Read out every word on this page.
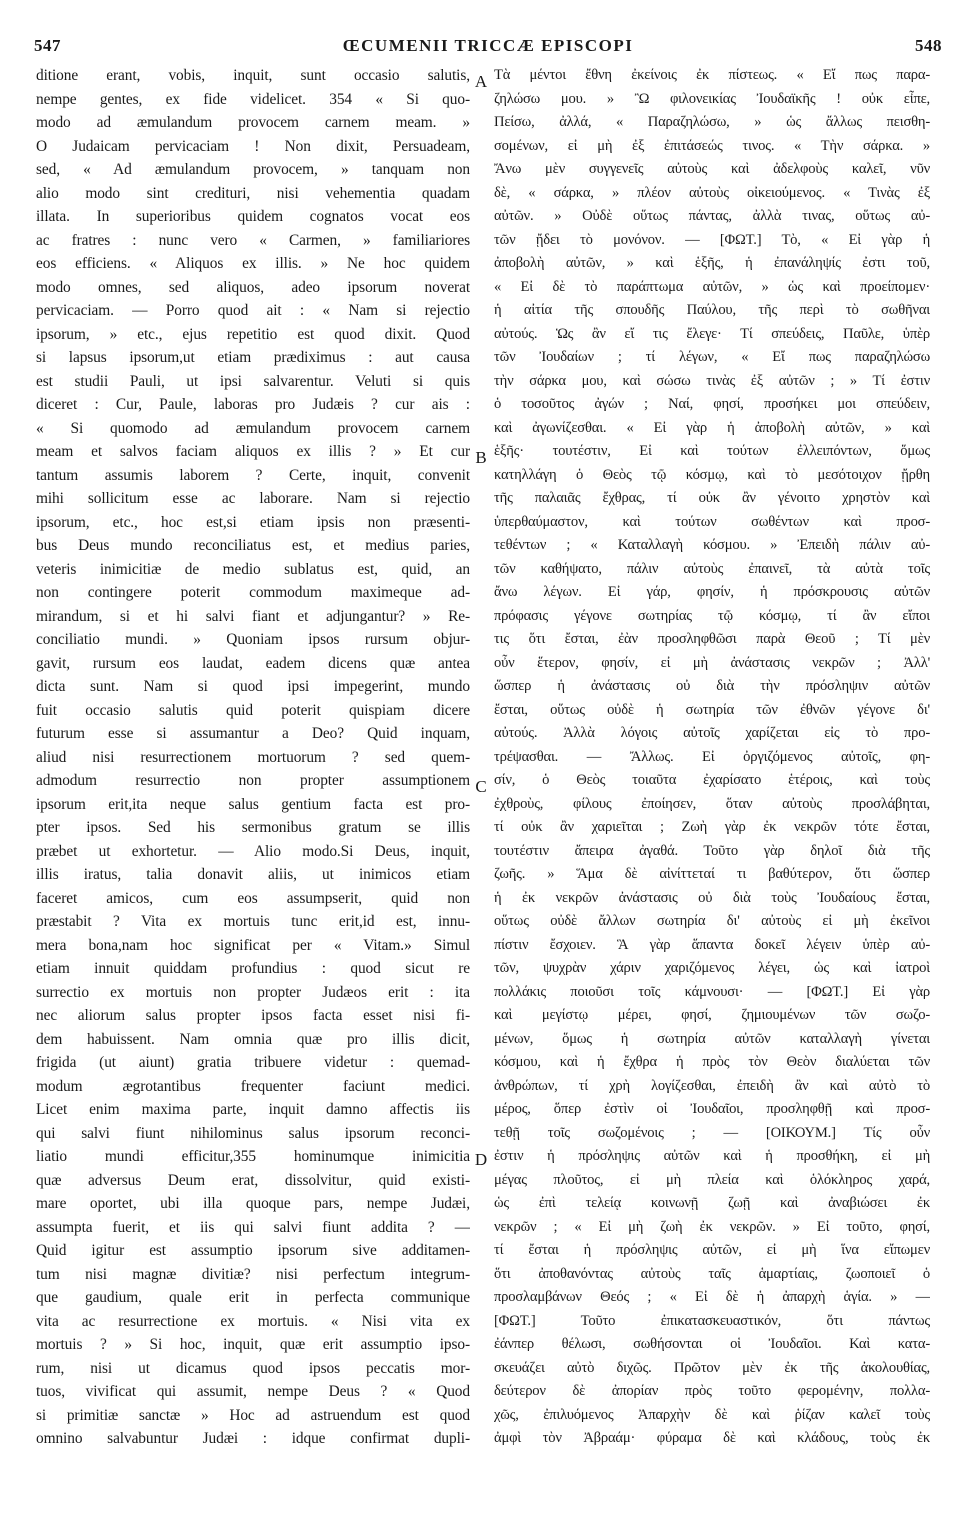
547	ŒCUMENII TRICCÆ EPISCOPI	548
ditione erant, vobis, inquit, sunt occasio salutis,
nempe gentes, ex fide videlicet. 354 « Si quo-
modo ad æmulandum provocem carnem meam. »
O Judaicam pervicaciam ! Non dixit, Persuadeam,
sed, « Ad æmulandum provocem, » tanquam non
alio modo sint crediturі, nisi vehementia quadam
illata. In superioribus quidem cognatos vocat eos
ac fratres : nunc vero « Carmen, » familiariores
eos efficiens. « Aliquos ex illis. » Ne hoc quidem
modo omnes, sed aliquos, adeo ipsorum noverat
pervicaciam. — Porro quod ait : « Nam si rejectio
ipsorum, » etc., ejus repetitio est quod dixit. Quod
si lapsus ipsorum,ut etiam prædiximus : aut causa
est studii Pauli, ut ipsi salvarentur. Veluti si quis
diceret : Cur, Paule, laboras pro Judæis ? cur ais :
« Si quomodo ad æmulandum provocem carnem
meam et salvos faciam aliquos ex illis ? » Et cur
tantum assumis laborem ? Certe, inquit, convenit
mihi sollicitum esse ac laborare. Nam si rejectio
ipsorum, etc., hoc est,si etiam ipsis non præsenti-
bus Deus mundo reconciliatus est, et medius paries,
veteris inimicitiæ de medio sublatus est, quid, an
non contingere poterit commodum maximeque ad-
mirandum, si et hi salvi fiant et adjungantur? » Re-
conciliatio mundi. » Quoniam ipsos rursum objur-
gavit, rursum eos laudat, eadem dicens quæ antea
dicta sunt. Nam si quod ipsi impegerint, mundo
fuit occasio salutis quid poterit quispiam dicere
futurum esse si assumantur a Deo? Quid inquam,
aliud nisi resurrectionem mortuorum ? sed quem-
admodum resurrectio non propter assumptionem
ipsorum erit,ita neque salus gentium facta est pro-
pter ipsos. Sed his sermonibus gratum se illis
præbet ut exhortetur. — Alio modo.Si Deus, inquit,
illis iratus, talia donavit aliis, ut inimicos etiam
faceret amicos, cum eos assumpserit, quid non
præstabit ? Vita ex mortuis tunc erit,id est, innu-
mera bona,nam hoc significat per « Vitam.» Simul
etiam innuit quiddam profundius : quod sicut re
surrectio ex mortuis non propter Judæos erit : ita
nec aliorum salus propter ipsos facta esset nisi fi-
dem habuissent. Nam omnia quæ pro illis dicit,
frigida (ut aiunt) gratia tribuere videtur : quemad-
modum ægrotantibus frequenter faciunt medici.
Licet enim maxima parte, inquit damno affectis iis
qui salvi fiunt nihilominus salus ipsorum reconci-
liatio mundi efficitur,355 hominumque inimicitia
quæ adversus Deum erat, dissolvitur, quid existi-
mare oportet, ubi illa quoque pars, nempe Judæi,
assumpta fuerit, et iis qui salvi fiunt addita ? —
Quid igitur est assumptio ipsorum sive additamen-
tum nisi magnæ divitiæ? nisi perfectum integrum-
que gaudium, quale erit in perfecta communique
vita ac resurrectione ex mortuis. « Nisi vita ex
mortuis ? » Si hoc, inquit, quæ erit assumptio ipso-
rum, nisi ut dicamus quod ipsos peccatis mor-
tuos, vivificat qui assumit, nempe Deus ? « Quod
si primitiæ sanctæ » Hoc ad astruendum est quod
omnino salvabuntur Judæi : idque confirmat dupli-
Τὰ μέντοι ἔθνη ἐκείνοις ἐκ πίστεως. « Εἴ πως παρα-
ζηλώσω μου. » Ὢ φιλονεικίας Ἰουδαϊκῆς ! οὐκ εἶπε,
Πείσω, ἀλλά, « Παραζηλώσω, » ὡς ἄλλως πεισθη-
σομένων, εἰ μὴ ἐξ ἐπιτάσεώς τινος. « Τὴν σάρκα. »
Ἄνω μὲν συγγενεῖς αὐτοὺς καὶ ἀδελφοὺς καλεῖ, νῦν
δὲ, « σάρκα, » πλέον αὐτοὺς οἰκειούμενος. « Τινὰς ἐξ
αὐτῶν. » Οὐδὲ οὕτως πάντας, ἀλλὰ τινας, οὕτως αὐ-
τῶν ᾔδει τὸ μονόνον. — [ΦΩΤ.] Τὸ, « Εἰ γὰρ ἡ
ἀποβολὴ αὐτῶν, » καὶ ἑξῆς, ἡ ἐπανάληψίς ἐστι τοῦ,
« Εἰ δὲ τὸ παράπτωμα αὐτῶν, » ὡς καὶ προείπομεν·
ἡ αἰτία τῆς σπουδῆς Παύλου, τῆς περὶ τὸ σωθῆναι
αὐτούς. Ὡς ἂν εἴ τις ἔλεγε· Τί σπεύδεις, Παῦλε, ὑπὲρ
τῶν Ἰουδαίων ; τί λέγων, « Εἴ πως παραζηλώσω
τὴν σάρκα μου, καὶ σώσω τινὰς ἐξ αὐτῶν ; » Τί ἐστιν
ὁ τοσοῦτος ἀγών ; Ναί, φησί, προσήκει μοι σπεύδειν,
καὶ ἀγωνίζεσθαι. « Εἰ γὰρ ἡ ἀποβολὴ αὐτῶν, » καὶ
ἑξῆς· τουτέστιν, Εἰ καὶ τούτων ἐλλειπόντων, ὅμως
κατηλλάγη ὁ Θεὸς τῷ κόσμῳ, καὶ τὸ μεσότοιχον ᾔρθη
τῆς παλαιᾶς ἔχθρας, τί οὐκ ἂν γένοιτο χρηστὸν καὶ
ὑπερθαύμαστον, καὶ τούτων σωθέντων καὶ προσ-
τεθέντων ; « Καταλλαγὴ κόσμου. » Ἐπειδὴ πάλιν αὐ-
τῶν καθήψατο, πάλιν αὐτοὺς ἐπαινεῖ, τὰ αὐτὰ τοῖς
ἄνω λέγων. Εἰ γάρ, φησίν, ἡ πρόσκρουσις αὐτῶν
πρόφασις γέγονε σωτηρίας τῷ κόσμῳ, τί ἂν εἴποι
τις ὅτι ἔσται, ἐὰν προσληφθῶσι παρὰ Θεοῦ ; Τί μὲν
οὖν ἕτερον, φησίν, εἰ μὴ ἀνάστασις νεκρῶν ; Ἀλλ'
ὥσπερ ἡ ἀνάστασις οὐ διὰ τὴν πρόσληψιν αὐτῶν
ἔσται, οὕτως οὐδὲ ἡ σωτηρία τῶν ἐθνῶν γέγονε δι'
αὐτούς. Ἀλλὰ λόγοις αὐτοῖς χαρίζεται εἰς τὸ προ-
τρέψασθαι. — Ἄλλως. Εἰ ὀργιζόμενος αὐτοῖς, φη-
σίν, ὁ Θεὸς τοιαῦτα ἐχαρίσατο ἑτέροις, καὶ τοὺς
ἐχθροὺς, φίλους ἐποίησεν, ὅταν αὐτοὺς προσλάβηται,
τί οὐκ ἂν χαριεῖται ; Ζωὴ γὰρ ἐκ νεκρῶν τότε ἔσται,
τουτέστιν ἄπειρα ἀγαθά. Τοῦτο γὰρ δηλοῖ διὰ τῆς
ζωῆς. » Ἅμα δὲ αἰνίττεταί τι βαθύτερον, ὅτι ὥσπερ
ἡ ἐκ νεκρῶν ἀνάστασις οὐ διὰ τοὺς Ἰουδαίους ἔσται,
οὕτως οὐδὲ ἄλλων σωτηρία δι' αὐτοὺς εἰ μὴ ἐκεῖνοι
πίστιν ἔσχοιεν. Ἃ γὰρ ἅπαντα δοκεῖ λέγειν ὑπὲρ αὐ-
τῶν, ψυχρὰν χάριν χαριζόμενος λέγει, ὡς καὶ ἰατροὶ
πολλάκις ποιοῦσι τοῖς κάμνουσι· — [ΦΩΤ.] Εἰ γὰρ
καὶ μεγίστῳ μέρει, φησί, ζημιουμένων τῶν σωζο-
μένων, ὅμως ἡ σωτηρία αὐτῶν καταλλαγὴ γίνεται
κόσμου, καὶ ἡ ἔχθρα ἡ πρὸς τὸν Θεὸν διαλύεται τῶν
ἀνθρώπων, τί χρὴ λογίζεσθαι, ἐπειδὴ ἂν καὶ αὐτὸ τὸ
μέρος, ὅπερ ἐστὶν οἱ Ἰουδαῖοι, προσληφθῇ καὶ προσ-
τεθῇ τοῖς σωζομένοις ; — [ΟΙΚΟΥΜ.] Τίς οὖν
ἐστιν ἡ πρόσληψις αὐτῶν καὶ ἡ προσθήκη, εἰ μὴ
μέγας πλοῦτος, εἰ μὴ πλεία καὶ ὁλόκληρος χαρά,
ὡς ἐπὶ τελείᾳ κοινωνῇ ζωῇ καὶ ἀναβιώσει ἐκ
νεκρῶν ; « Εἰ μὴ ζωὴ ἐκ νεκρῶν. » Εἰ τοῦτο, φησί,
τί ἔσται ἡ πρόσληψις αὐτῶν, εἰ μὴ ἵνα εἴπωμεν
ὅτι ἀποθανόντας αὐτοὺς ταῖς ἁμαρτίαις, ζωοποιεῖ ὁ
προσλαμβάνων Θεός ; « Εἰ δὲ ἡ ἀπαρχὴ ἁγία. » —
[ΦΩΤ.] Τοῦτο ἐπικατασκευαστικόν, ὅτι πάντως
ἐάνπερ θέλωσι, σωθήσονται οἱ Ἰουδαῖοι. Καὶ κατα-
σκευάζει αὐτὸ διχῶς. Πρῶτον μὲν ἐκ τῆς ἀκολουθίας,
δεύτερον δὲ ἀπορίαν πρὸς τοῦτο φερομένην, πολλα-
χῶς, ἐπιλυόμενος Ἀπαρχὴν δὲ καὶ ῥίζαν καλεῖ τοὺς
ἀμφὶ τὸν Ἀβραάμ· φύραμα δὲ καὶ κλάδους, τοὺς ἐκ
A
B
C
D
